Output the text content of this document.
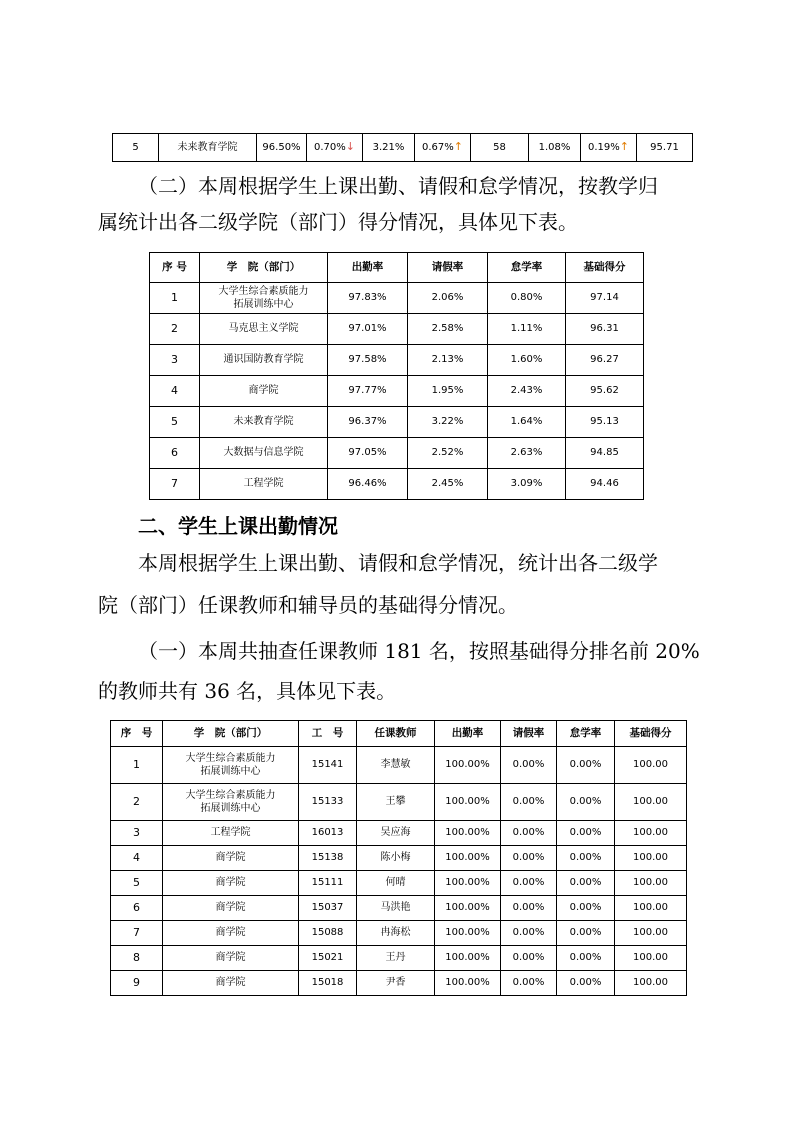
5	未来教育学院	96.50%	0.70%↓	3.21%	0.67%↑	58	1.08%	0.19%↑	95.71

（二）本周根据学生上课出勤、请假和怠学情况，按教学归

属统计出各二级学院（部门）得分情况，具体见下表。

序 号	学　院（部门）	出勤率	请假率	怠学率	基础得分
1	大学生综合素质能力
拓展训练中心	97.83%	2.06%	0.80%	97.14
2	马克思主义学院	97.01%	2.58%	1.11%	96.31
3	通识国防教育学院	97.58%	2.13%	1.60%	96.27
4	商学院	97.77%	1.95%	2.43%	95.62
5	未来教育学院	96.37%	3.22%	1.64%	95.13
6	大数据与信息学院	97.05%	2.52%	2.63%	94.85
7	工程学院	96.46%	2.45%	3.09%	94.46
二、学生上课出勤情况

本周根据学生上课出勤、请假和怠学情况，统计出各二级学

院（部门）任课教师和辅导员的基础得分情况。

（一）本周共抽查任课教师 181 名，按照基础得分排名前 20%

的教师共有 36 名，具体见下表。

序　号	学　院（部门）	工　号	任课教师	出勤率	请假率	怠学率	基础得分
1	大学生综合素质能力
拓展训练中心	15141	李慧敏	100.00%	0.00%	0.00%	100.00
2	大学生综合素质能力
拓展训练中心	15133	王攀	100.00%	0.00%	0.00%	100.00
3	工程学院	16013	吴应海	100.00%	0.00%	0.00%	100.00
4	商学院	15138	陈小梅	100.00%	0.00%	0.00%	100.00
5	商学院	15111	何晴	100.00%	0.00%	0.00%	100.00
6	商学院	15037	马洪艳	100.00%	0.00%	0.00%	100.00
7	商学院	15088	冉海松	100.00%	0.00%	0.00%	100.00
8	商学院	15021	王丹	100.00%	0.00%	0.00%	100.00
9	商学院	15018	尹香	100.00%	0.00%	0.00%	100.00
